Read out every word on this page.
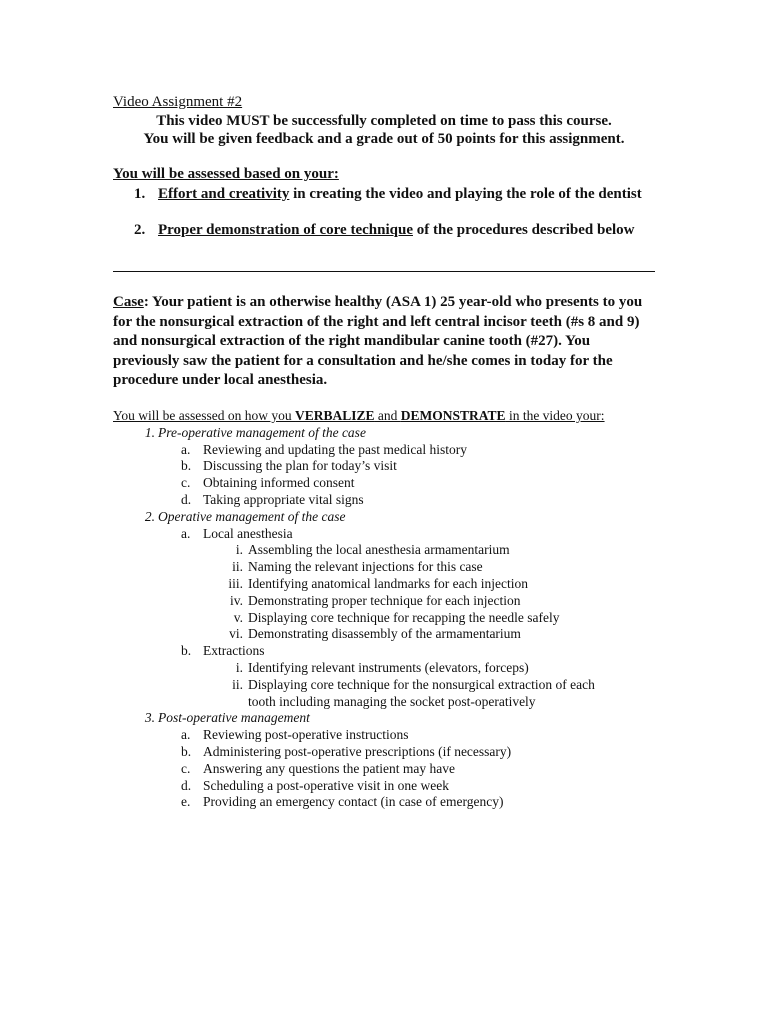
Video Assignment #2
This video MUST be successfully completed on time to pass this course.
You will be given feedback and a grade out of 50 points for this assignment.
You will be assessed based on your:
1. Effort and creativity in creating the video and playing the role of the dentist
2. Proper demonstration of core technique of the procedures described below
Case: Your patient is an otherwise healthy (ASA 1) 25 year-old who presents to you for the nonsurgical extraction of the right and left central incisor teeth (#s 8 and 9) and nonsurgical extraction of the right mandibular canine tooth (#27). You previously saw the patient for a consultation and he/she comes in today for the procedure under local anesthesia.

You will be assessed on how you VERBALIZE and DEMONSTRATE in the video your:

1. Pre-operative management of the case
a. Reviewing and updating the past medical history
b. Discussing the plan for today’s visit
c. Obtaining informed consent
d. Taking appropriate vital signs
2. Operative management of the case
a. Local anesthesia
i. Assembling the local anesthesia armamentarium
ii. Naming the relevant injections for this case
iii. Identifying anatomical landmarks for each injection
iv. Demonstrating proper technique for each injection
v. Displaying core technique for recapping the needle safely
vi. Demonstrating disassembly of the armamentarium
b. Extractions
i. Identifying relevant instruments (elevators, forceps)
ii. Displaying core technique for the nonsurgical extraction of each
tooth including managing the socket post-operatively
3. Post-operative management
a. Reviewing post-operative instructions
b. Administering post-operative prescriptions (if necessary)
c. Answering any questions the patient may have
d. Scheduling a post-operative visit in one week
e. Providing an emergency contact (in case of emergency)
